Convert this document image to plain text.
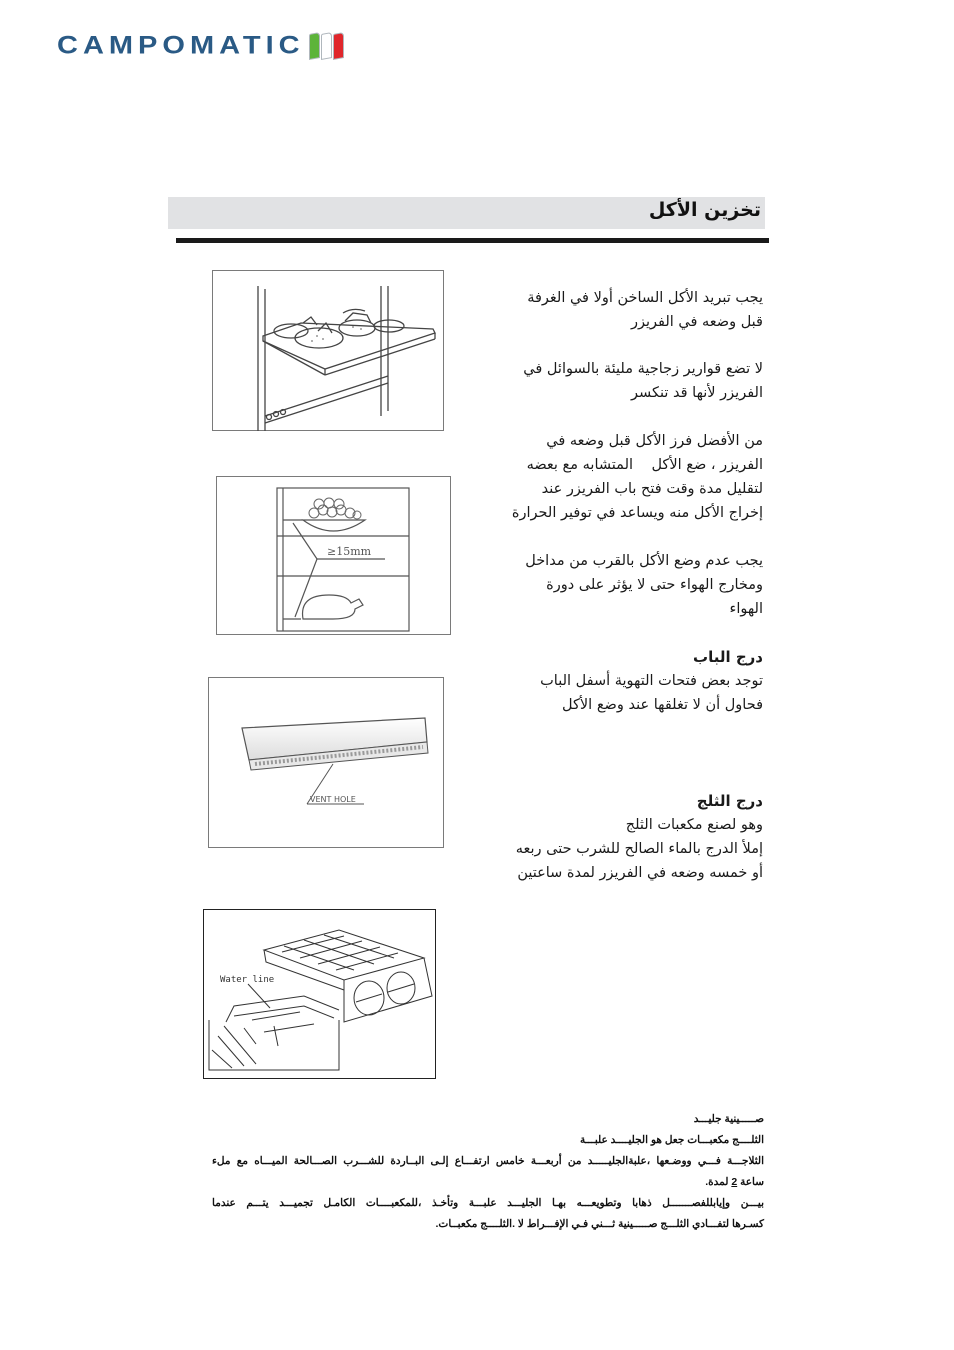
CAMPOMATIC
تخزين الأكل

يجب تبريد الأكل الساخن أولا في الغرفة

قبل وضعه في الفريزر

لا تضع قوارير زجاجية مليئة بالسوائل في

الفريزر لأنها قد تنكسر

من الأفضل فرز الأكل قبل وضعه في

الفريزر ، ضع الأكل    المتشابه مع بعضه

لتقليل مدة وقت فتح باب الفريزر عند

إخراج الأكل منه ويساعد في توفير الحرارة

يجب عدم وضع الأكل بالقرب من مداخل

ومخارج الهواء حتى لا يؤثر على دورة

الهواء

درج الباب

توجد بعض فتحات التهوية أسفل الباب

فحاول أن لا تغلقها عند وضع الأكل

درج الثلج

وهو لصنع مكعبات الثلج

إملأ الدرج بالماء الصالح للشرب حتى ربعه

أو خمسه وضعه في الفريزر لمدة ساعتين

≥15mm
VENT HOLE
Water line

صـــــينية جليـــد

الثلــــج مكعبـــات جعل هو الجليــــد علبـــة

الثلاجـــة فـــي ووضـعها ،علبةالجليـــــد من أربعـــة خامس ارتفـــاع إلـى البــاردة للشـــرب الصـــالحة الميـــاه مع ملء

ساعة 2 لمدة.

بيـــن وإيابللفصـــــــل ذهابا وتطويعـــه بهـا الجليـــد علبـــة وتأخـذ ،للمكعبــــات الكامـل تجميـــد يتـــم عندما

كسـرها لتفـــادي الثلـــج صـــــينية ثـــني فـي الإفـــراط لا .الثلــــج مكعبــات.
